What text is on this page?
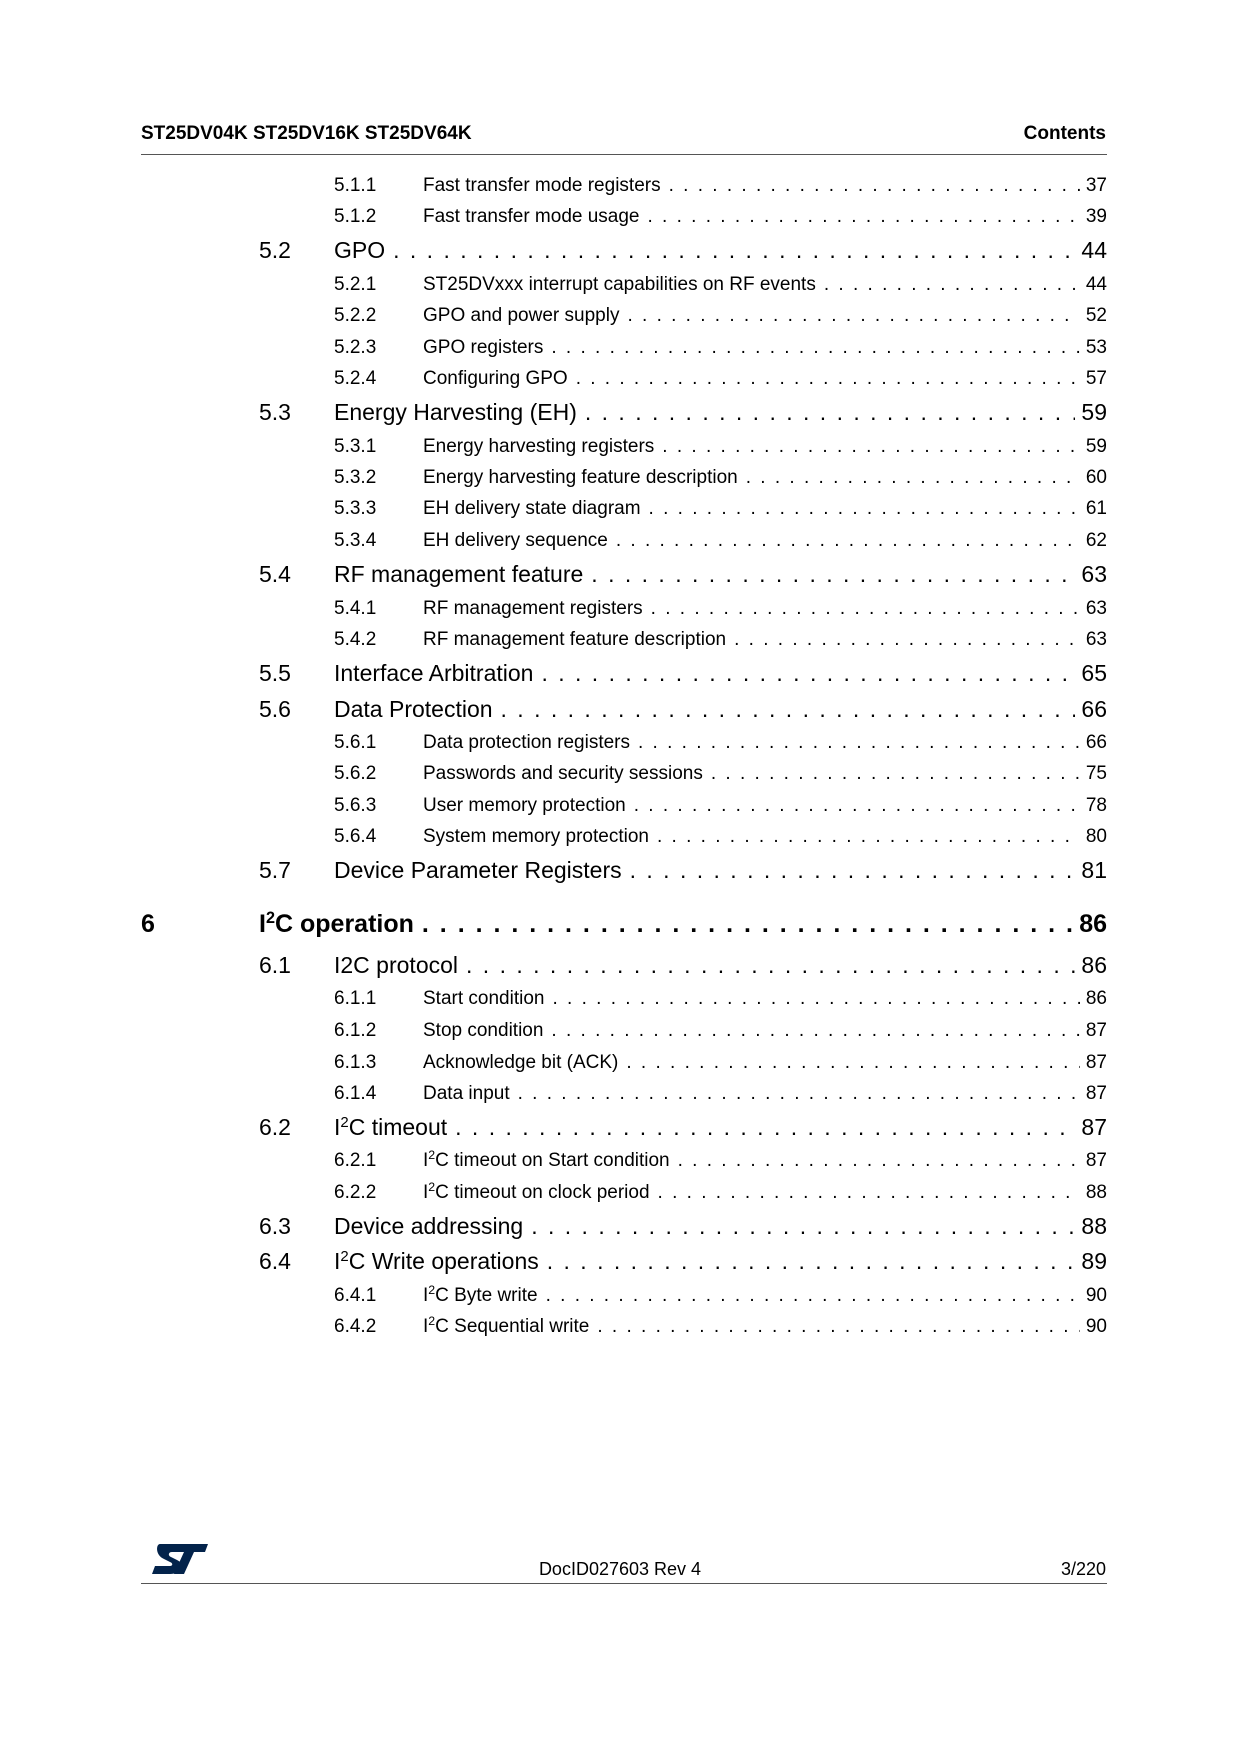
ST25DV04K ST25DV16K ST25DV64K	Contents
5.1.1 Fast transfer mode registers . . .	37
5.1.2 Fast transfer mode usage . . .	39
5.2 GPO . . .	44
5.2.1 ST25DVxxx interrupt capabilities on RF events . . .	44
5.2.2 GPO and power supply . . .	52
5.2.3 GPO registers . . .	53
5.2.4 Configuring GPO . . .	57
5.3 Energy Harvesting (EH) . . .	59
5.3.1 Energy harvesting registers . . .	59
5.3.2 Energy harvesting feature description . . .	60
5.3.3 EH delivery state diagram . . .	61
5.3.4 EH delivery sequence . . .	62
5.4 RF management feature . . .	63
5.4.1 RF management registers . . .	63
5.4.2 RF management feature description . . .	63
5.5 Interface Arbitration . . .	65
5.6 Data Protection . . .	66
5.6.1 Data protection registers . . .	66
5.6.2 Passwords and security sessions . . .	75
5.6.3 User memory protection . . .	78
5.6.4 System memory protection . . .	80
5.7 Device Parameter Registers . . .	81
6	$I^2C$ operation . . .	86
6.1 I2C protocol . . .	86
6.1.1 Start condition . . .	86
6.1.2 Stop condition . . .	87
6.1.3 Acknowledge bit (ACK) . . .	87
6.1.4 Data input . . .	87
6.2 $I^2C$ timeout . . .	87
6.2.1 $I^2C$ timeout on Start condition . . .	87
6.2.2 $I^2C$ timeout on clock period . . .	88
6.3 Device addressing . . .	88
6.4 $I^2C$ Write operations . . .	89
6.4.1 $I^2C$ Byte write . . .	90
6.4.2 $I^2C$ Sequential write . . .	90
DocID027603 Rev 4	3/220
